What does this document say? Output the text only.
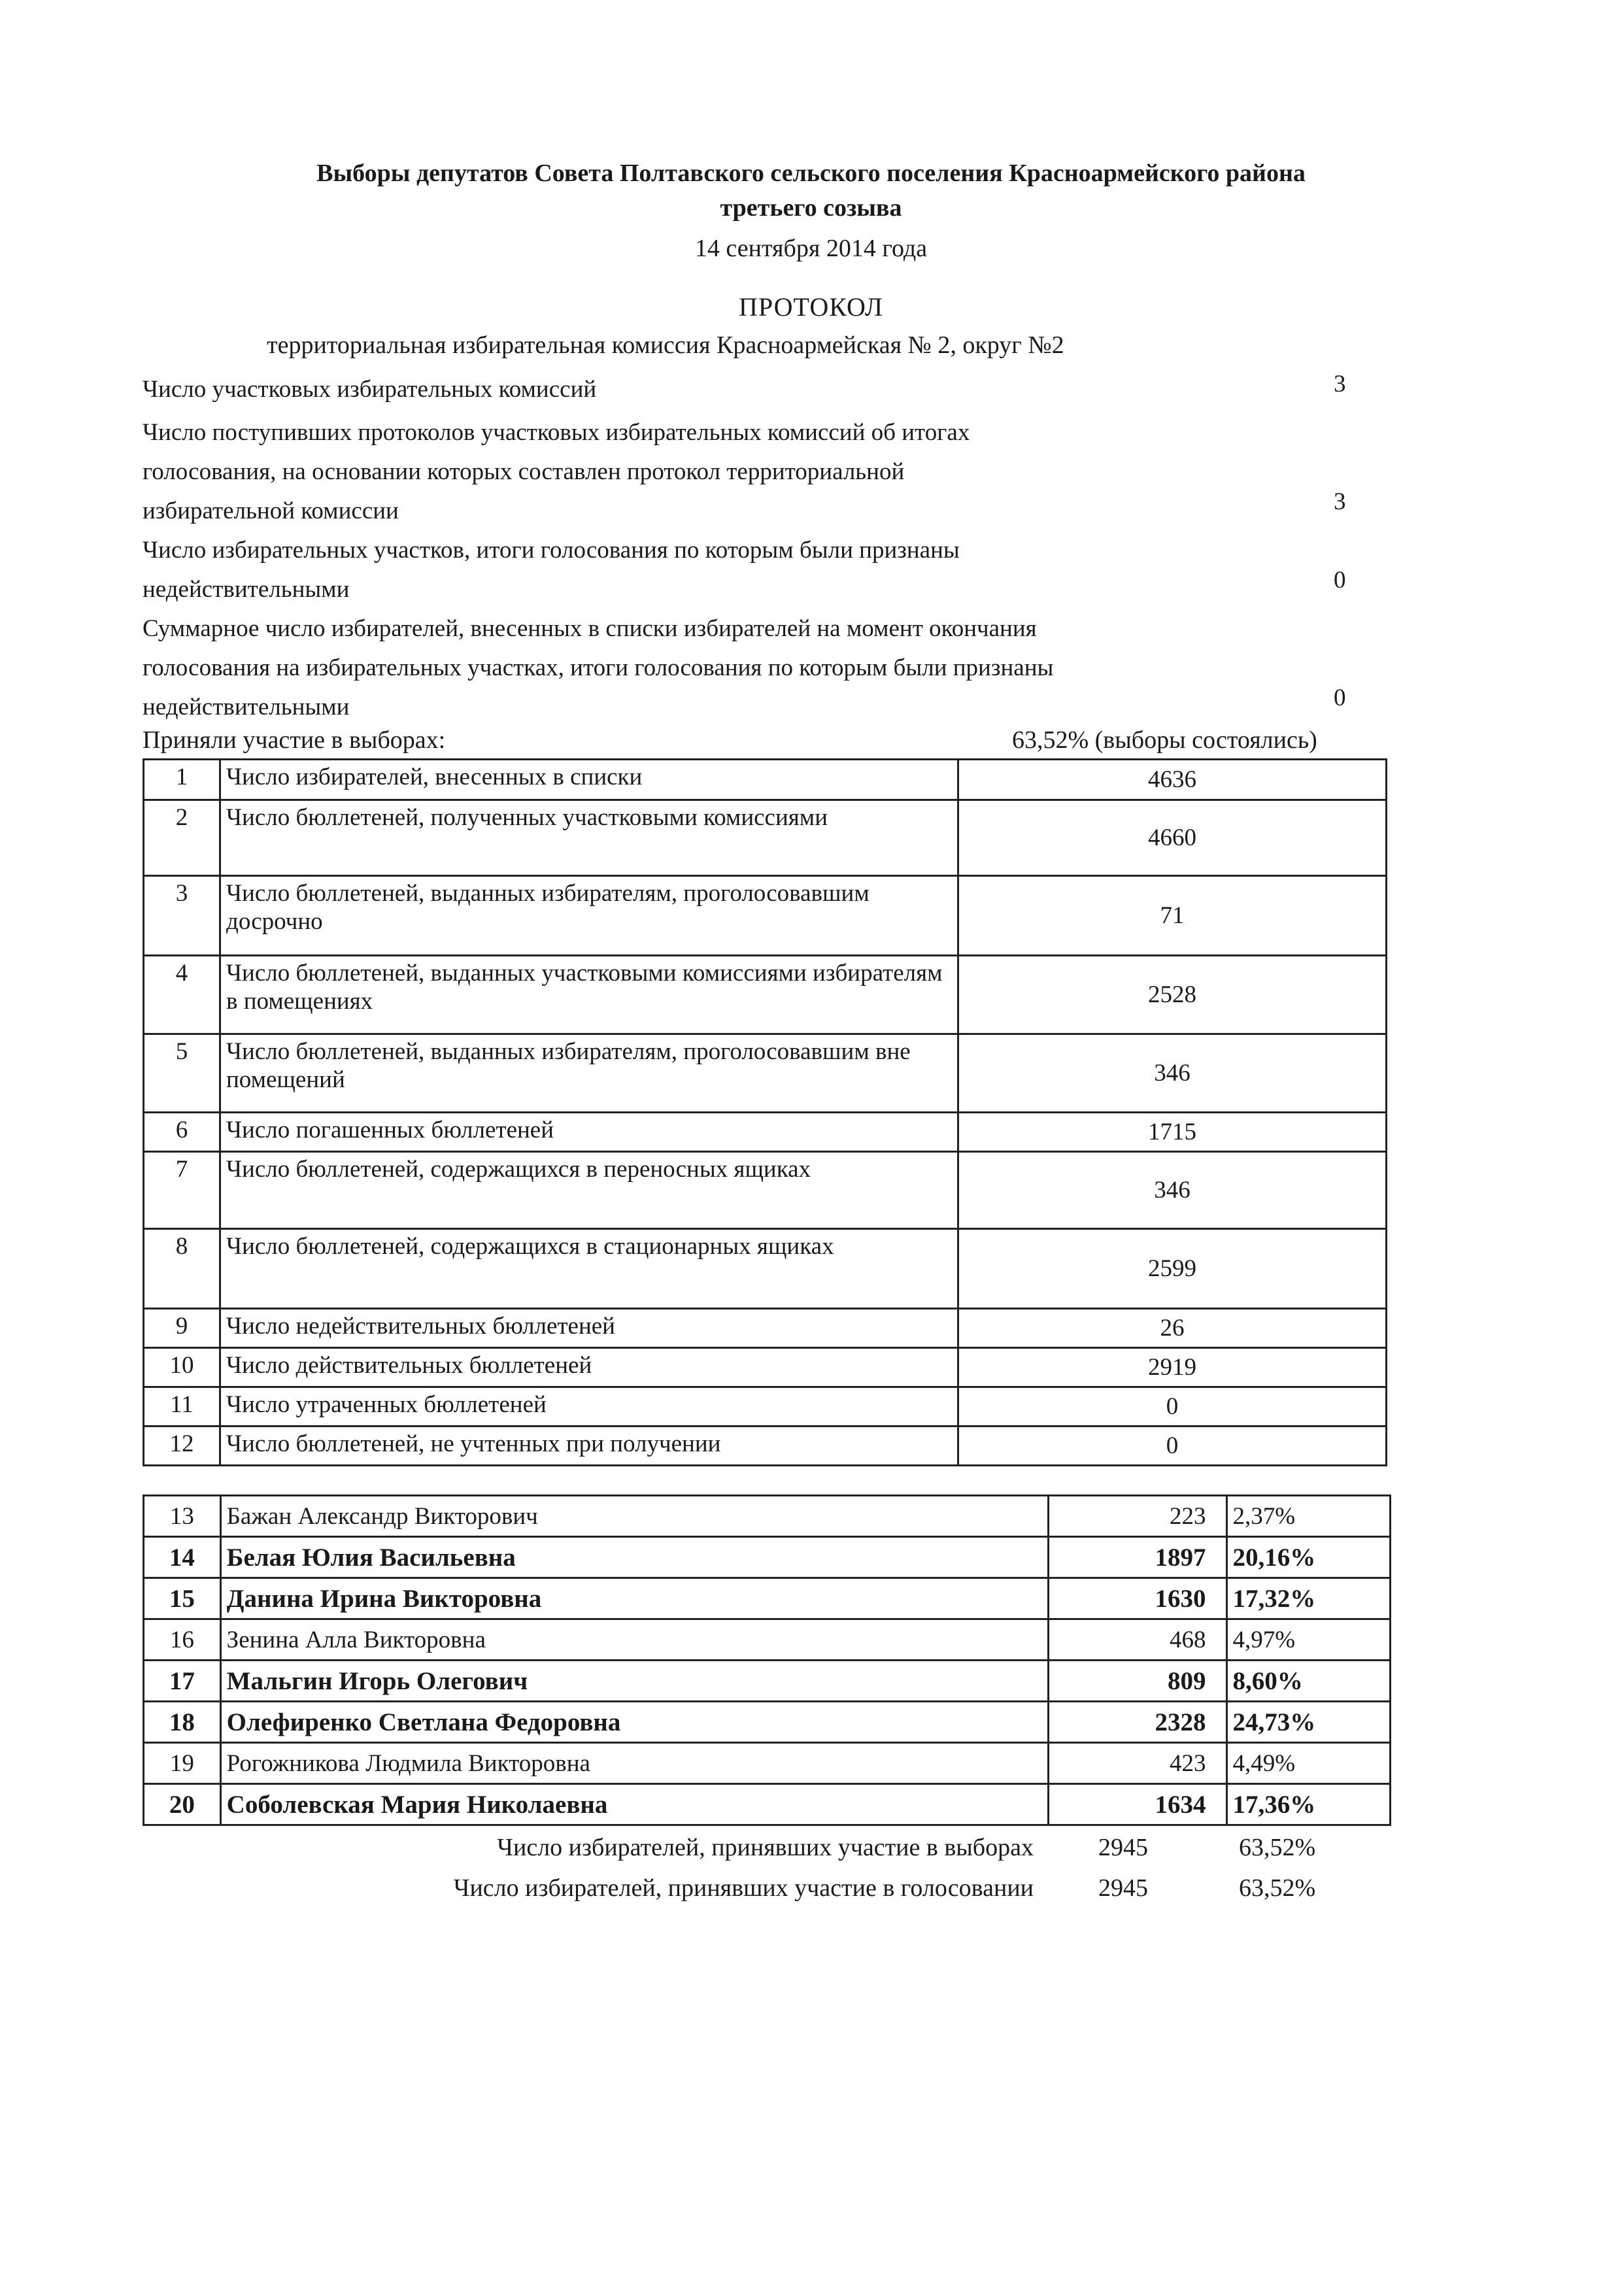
Выборы депутатов Совета Полтавского сельского поселения Красноармейского района
третьего созыва
14 сентября 2014 года
ПРОТОКОЛ
территориальная избирательная комиссия Красноармейская № 2, округ №2
Число участковых избирательных комиссий	3
Число поступивших протоколов участковых избирательных комиссий об итогах
голосования, на основании которых составлен протокол территориальной
избирательной комиссии	3
Число избирательных участков, итоги голосования по которым были признаны
недействительными	0
Суммарное число избирателей, внесенных в списки избирателей на момент окончания
голосования на избирательных участках, итоги голосования по которым были признаны
недействительными	0
Приняли участие в выборах:	63,52% (выборы состоялись)
1	Число избирателей, внесенных в списки	4636
2	Число бюллетеней, полученных участковыми комиссиями	4660
3	Число бюллетеней, выданных избирателям, проголосовавшим досрочно	71
4	Число бюллетеней, выданных участковыми комиссиями избирателям в помещениях	2528
5	Число бюллетеней, выданных избирателям, проголосовавшим вне помещений	346
6	Число погашенных бюллетеней	1715
7	Число бюллетеней, содержащихся в переносных ящиках	346
8	Число бюллетеней, содержащихся в стационарных ящиках	2599
9	Число недействительных бюллетеней	26
10	Число действительных бюллетеней	2919
11	Число утраченных бюллетеней	0
12	Число бюллетеней, не учтенных при получении	0
13	Бажан Александр Викторович	223	2,37%
14	Белая Юлия Васильевна	1897	20,16%
15	Данина Ирина Викторовна	1630	17,32%
16	Зенина Алла Викторовна	468	4,97%
17	Мальгин Игорь Олегович	809	8,60%
18	Олефиренко Светлана Федоровна	2328	24,73%
19	Рогожникова Людмила Викторовна	423	4,49%
20	Соболевская Мария Николаевна	1634	17,36%
Число избирателей, принявших участие в выборах	2945	63,52%
Число избирателей, принявших участие в голосовании	2945	63,52%
